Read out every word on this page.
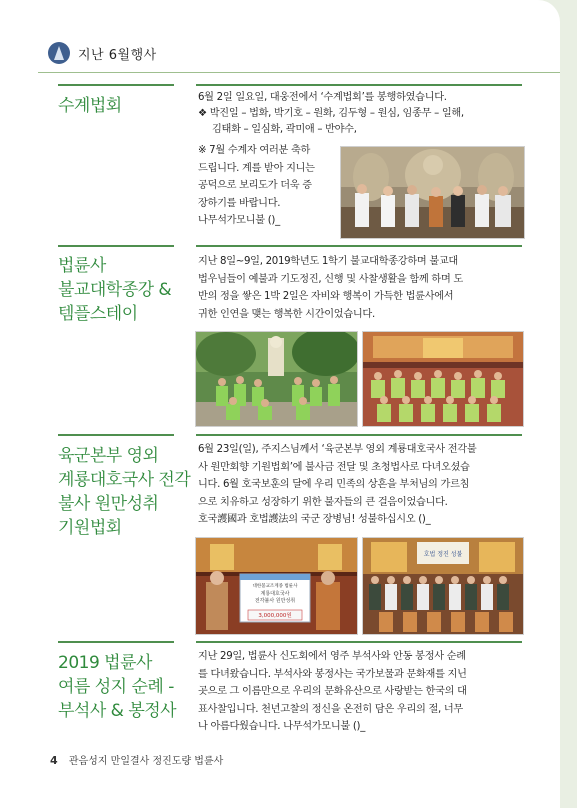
지난 6월행사
수계법회	6월 2일 일요일, 대웅전에서 ‘수계법회’를 봉행하였습니다.
❖ 박진일 – 법화, 박기호 – 원화, 김두형 – 원심, 임종무 – 일해,
김태화 – 일심화, 곽미애 – 반야수,
※ 7월 수계자 여러분 축하
드립니다. 계를 받아 지니는
공덕으로 보리도가 더욱 증
장하기를 바랍니다.
나무석가모니불 ()_
법륜사
불교대학종강 &
템플스테이
지난 8일~9일, 2019학년도 1학기 불교대학종강하며 불교대
법우님들이 예불과 기도정진, 신행 및 사찰생활을 함께 하며 도
반의 정을 쌓은 1박 2일은 자비와 행복이 가득한 법륜사에서
귀한 인연을 맺는 행복한 시간이었습니다.
육군본부 영외
계룡대호국사 전각
불사 원만성취
기원법회
6월 23일(일), 주지스님께서 ‘육군본부 영외 계룡대호국사 전각불
사 원만회향 기원법회’에 불사금 전달 및 초청법사로 다녀오셨습
니다. 6월 호국보훈의 달에 우리 민족의 상흔을 부처님의 가르침
으로 치유하고 성장하기 위한 불자들의 큰 걸음이었습니다.
호국護國과 호법護法의 국군 장병님! 성불하십시오 ()_
대한불교조계종 법륜사
계룡대호국사
전각불사 원만성취
3,000,000원
호법 정진 성불
2019 법륜사
여름 성지 순례 -
부석사 & 봉정사
지난 29일, 법륜사 신도회에서 영주 부석사와 안동 봉정사 순례
를 다녀왔습니다. 부석사와 봉정사는 국가보물과 문화재를 지닌
곳으로 그 이름만으로 우리의 문화유산으로 사랑받는 한국의 대
표사찰입니다. 천년고찰의 정신을 온전히 담은 우리의 절, 너무
나 아름다웠습니다. 나무석가모니불 ()_
4 관음성지 만일결사 정진도량 법륜사
